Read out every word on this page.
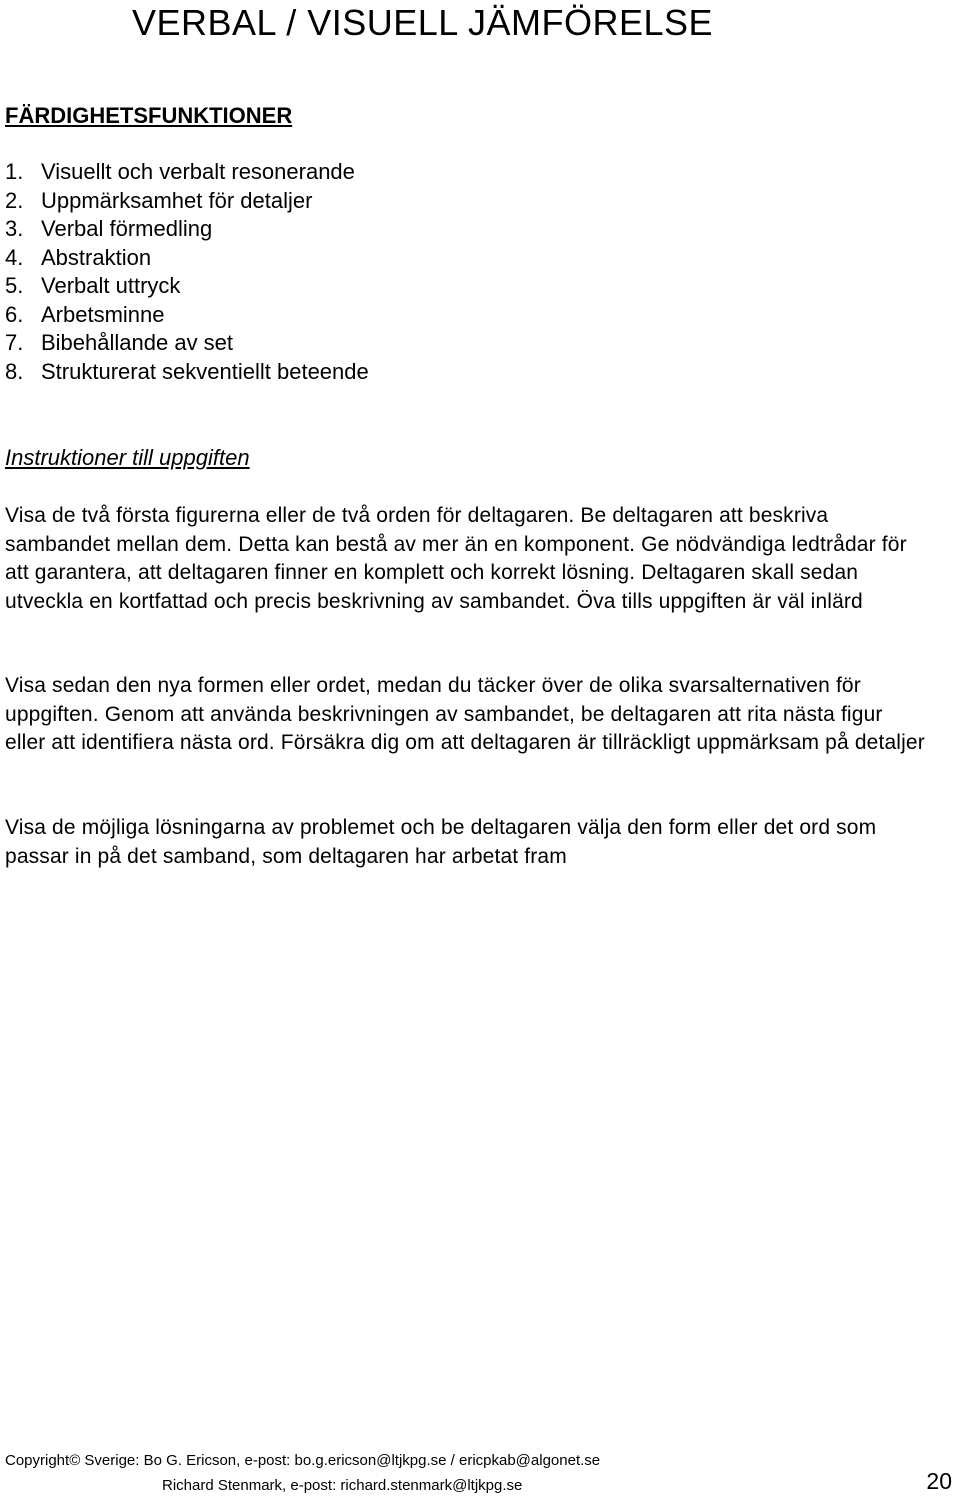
VERBAL / VISUELL JÄMFÖRELSE
FÄRDIGHETSFUNKTIONER
1. Visuellt och verbalt resonerande
2. Uppmärksamhet för detaljer
3. Verbal förmedling
4. Abstraktion
5. Verbalt uttryck
6. Arbetsminne
7. Bibehållande av set
8. Strukturerat sekventiellt beteende
Instruktioner till uppgiften

Visa de två första figurerna eller de två orden för deltagaren. Be deltagaren att beskriva sambandet mellan dem. Detta kan bestå av mer än en komponent. Ge nödvändiga ledtrådar för att garantera, att deltagaren finner en komplett och korrekt lösning. Deltagaren skall sedan utveckla en kortfattad och precis beskrivning av sambandet. Öva tills uppgiften är väl inlärd

Visa sedan den nya formen eller ordet, medan du täcker över de olika svarsalternativen för uppgiften. Genom att använda beskrivningen av sambandet, be deltagaren att rita nästa figur eller att identifiera nästa ord. Försäkra dig om att deltagaren är tillräckligt uppmärksam på detaljer

Visa de möjliga lösningarna av problemet och be deltagaren välja den form eller det ord som passar in på det samband, som deltagaren har arbetat fram

Copyright© Sverige: Bo G. Ericson, e-post: bo.g.ericson@ltjkpg.se / ericpkab@algonet.se
Richard Stenmark, e-post: richard.stenmark@ltjkpg.se	20
